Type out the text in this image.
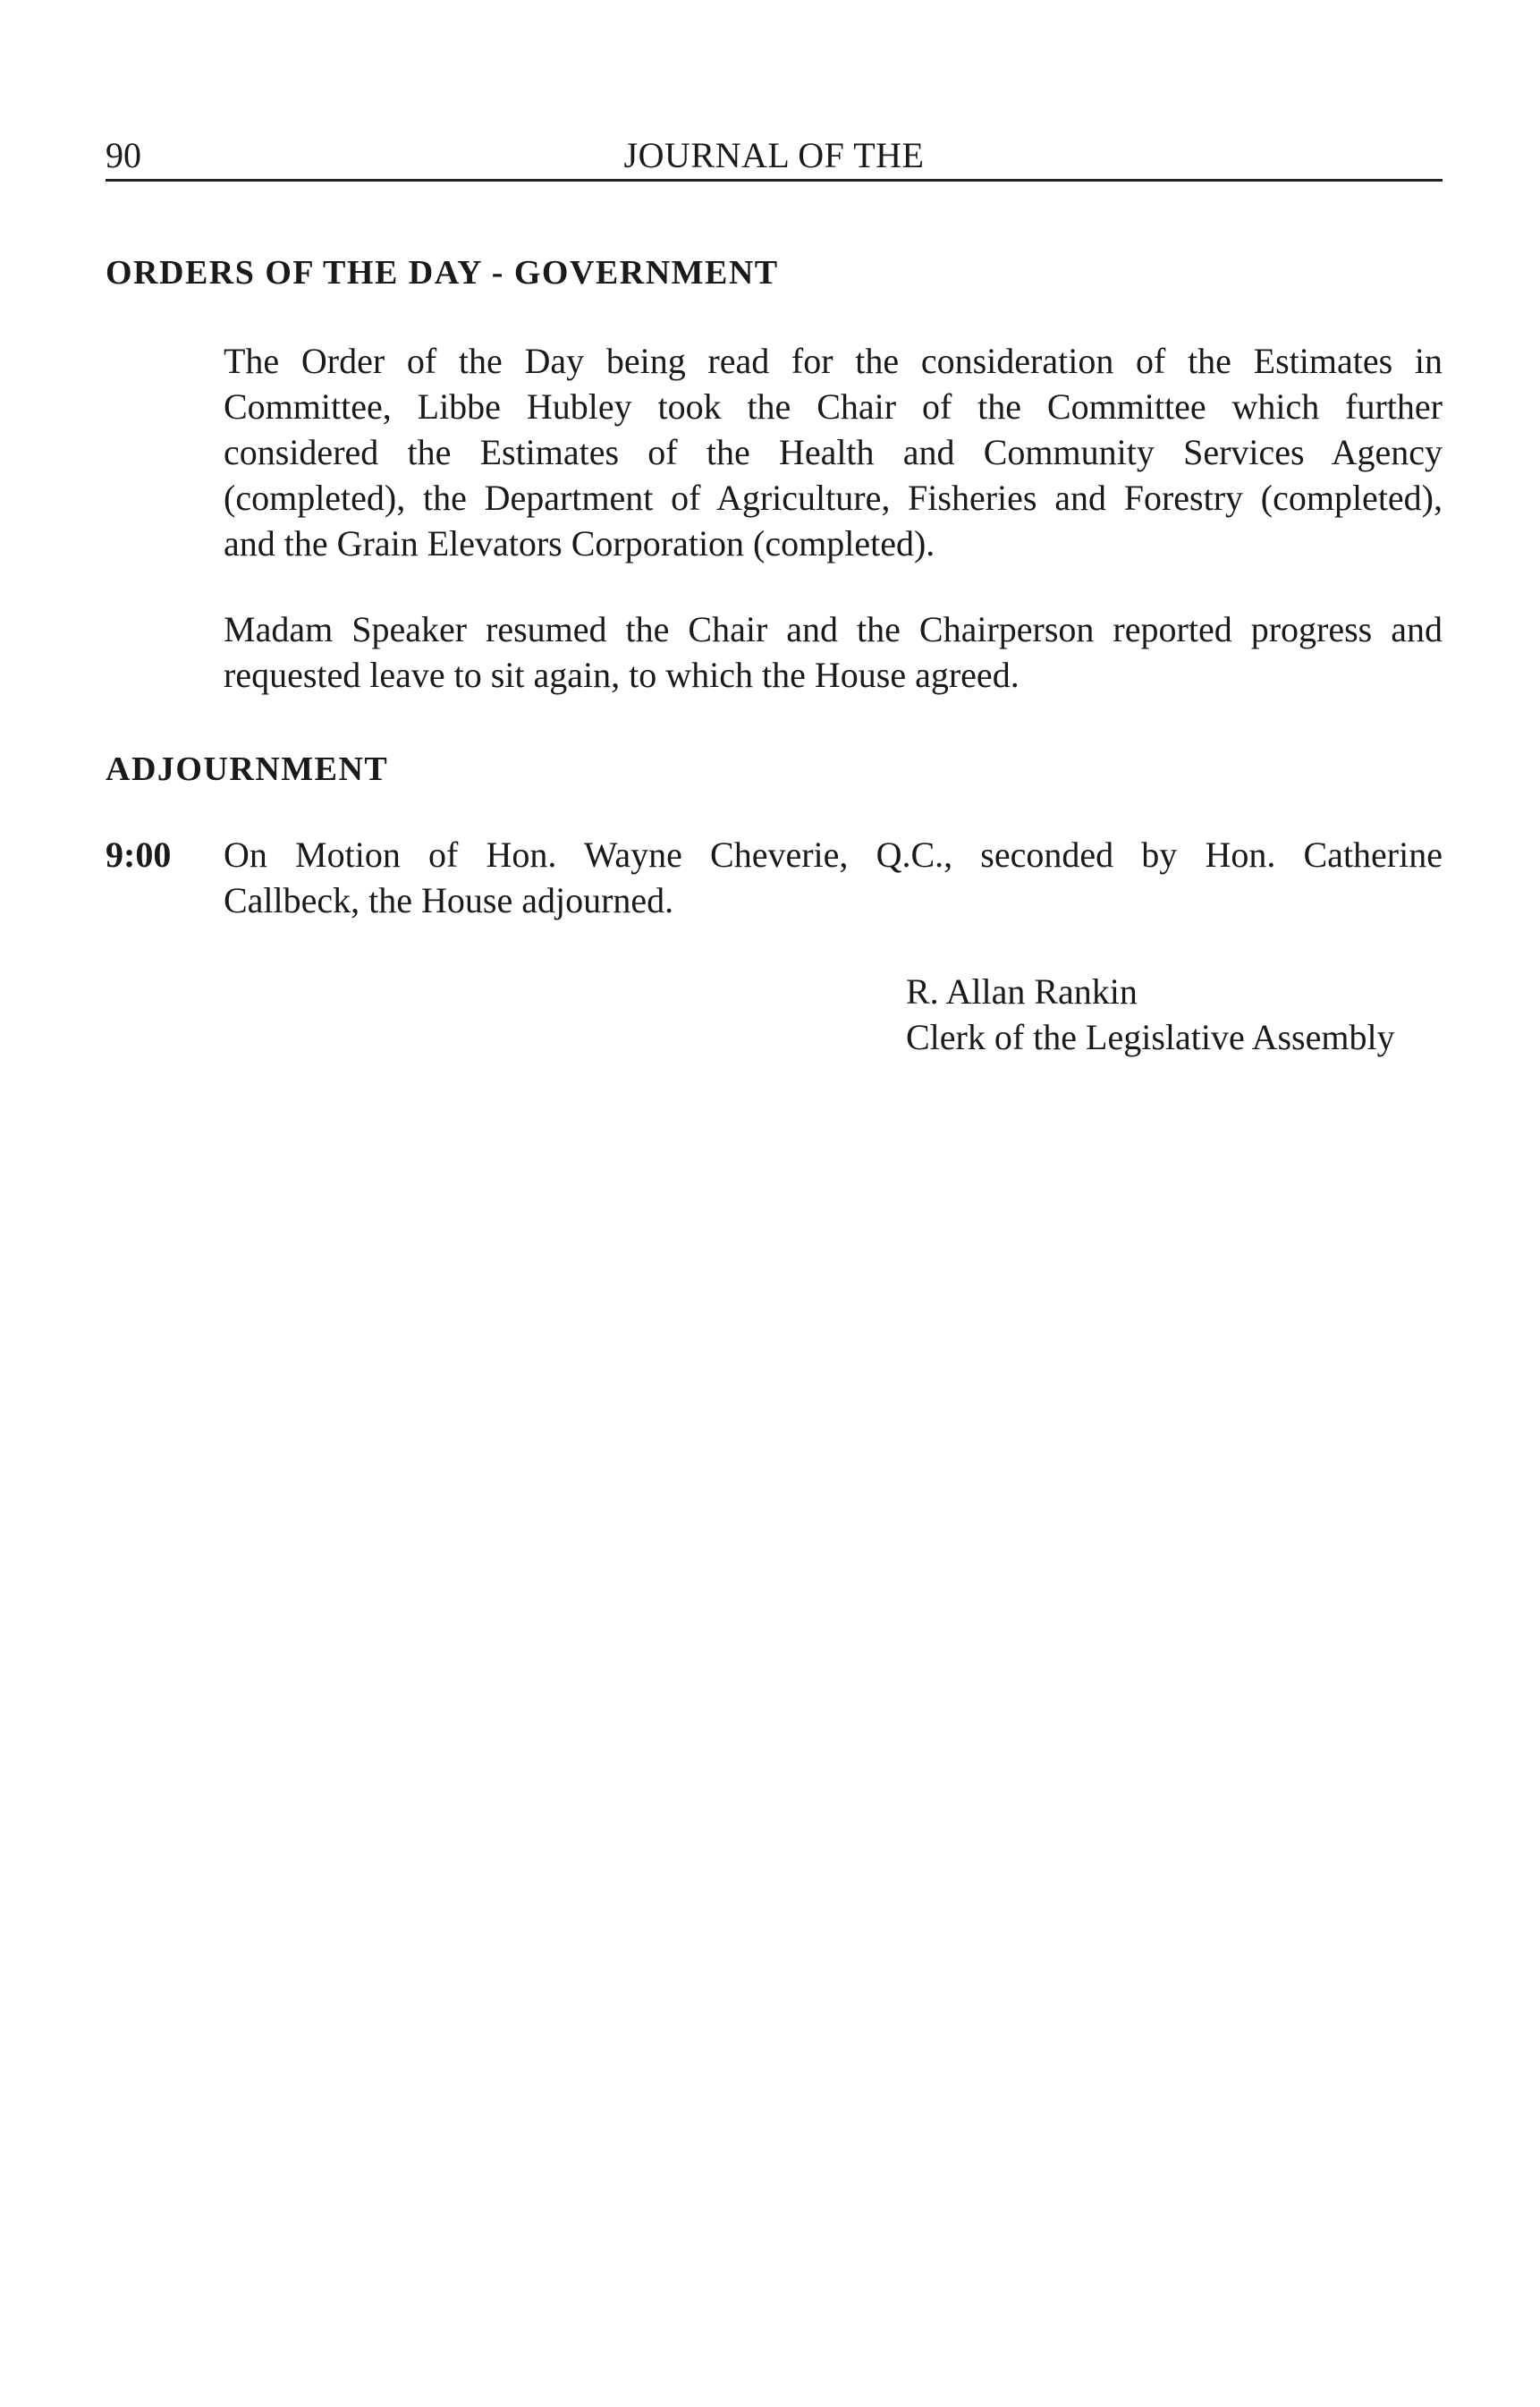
90	JOURNAL OF THE
ORDERS OF THE DAY - GOVERNMENT

The Order of the Day being read for the consideration of the Estimates in
Committee, Libbe Hubley took the Chair of the Committee which further
considered the Estimates of the Health and Community Services Agency
(completed), the Department of Agriculture, Fisheries and Forestry (completed),
and the Grain Elevators Corporation (completed).

Madam Speaker resumed the Chair and the Chairperson reported progress and
requested leave to sit again, to which the House agreed.

ADJOURNMENT
9:00 On Motion of Hon. Wayne Cheverie, Q.C., seconded by Hon. Catherine
Callbeck, the House adjourned.

R. Allan Rankin
Clerk of the Legislative Assembly
